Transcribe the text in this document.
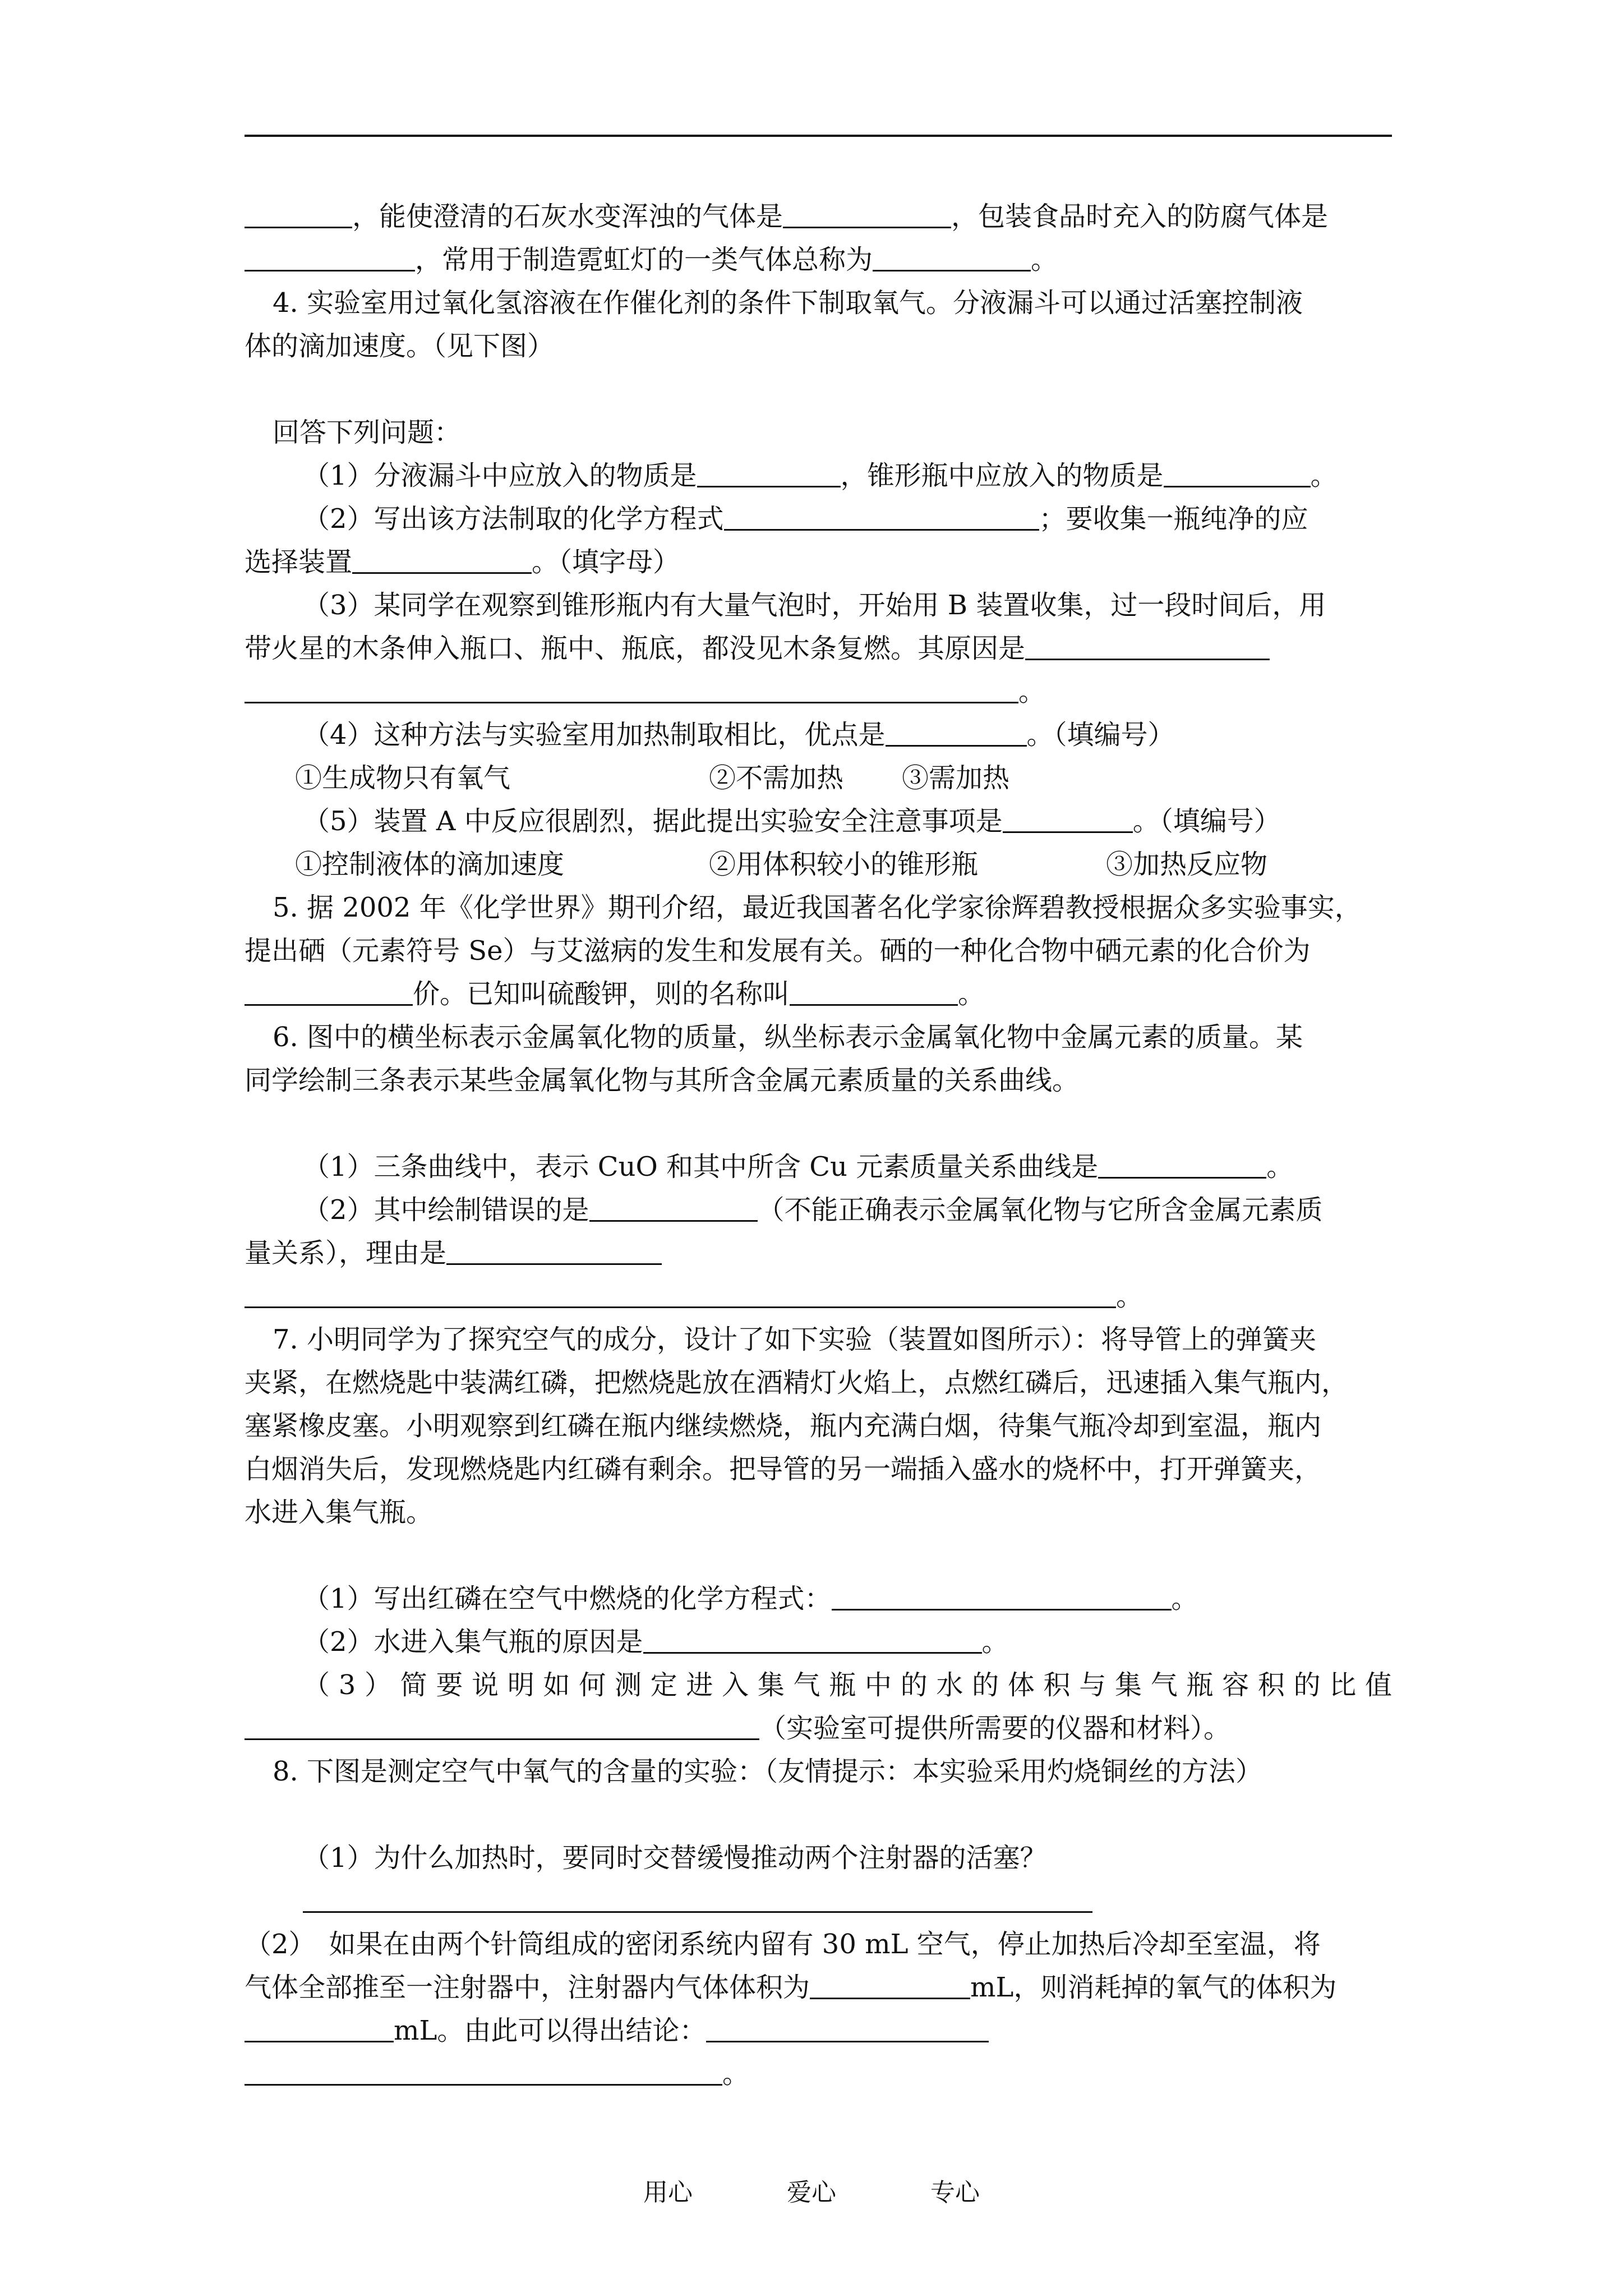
，能使澄清的石灰水变浑浊的气体是	，包装食品时充入的防腐气体是
，常用于制造霓虹灯的一类气体总称为	。
4. 实验室用过氧化氢溶液在作催化剂的条件下制取氧气。分液漏斗可以通过活塞控制液
体的滴加速度。（见下图）
回答下列问题：
（1）分液漏斗中应放入的物质是	，锥形瓶中应放入的物质是	。
（2）写出该方法制取的化学方程式	；要收集一瓶纯净的应
选择装置	。（填字母）
（3）某同学在观察到锥形瓶内有大量气泡时，开始用 B 装置收集，过一段时间后，用
带火星的木条伸入瓶口、瓶中、瓶底，都没见木条复燃。其原因是
。
（4）这种方法与实验室用加热制取相比，优点是	。（填编号）
①生成物只有氧气	②不需加热	③需加热
（5）装置 A 中反应很剧烈，据此提出实验安全注意事项是	。（填编号）
①控制液体的滴加速度	②用体积较小的锥形瓶	③加热反应物
5. 据 2002 年《化学世界》期刊介绍，最近我国著名化学家徐辉碧教授根据众多实验事实，
提出硒（元素符号 Se）与艾滋病的发生和发展有关。硒的一种化合物中硒元素的化合价为
价。已知叫硫酸钾，则的名称叫	。
6. 图中的横坐标表示金属氧化物的质量，纵坐标表示金属氧化物中金属元素的质量。某
同学绘制三条表示某些金属氧化物与其所含金属元素质量的关系曲线。
（1）三条曲线中，表示 CuO 和其中所含 Cu 元素质量关系曲线是	。
（2）其中绘制错误的是	（不能正确表示金属氧化物与它所含金属元素质
量关系），理由是
。
7. 小明同学为了探究空气的成分，设计了如下实验（装置如图所示）：将导管上的弹簧夹
夹紧，在燃烧匙中装满红磷，把燃烧匙放在酒精灯火焰上，点燃红磷后，迅速插入集气瓶内，
塞紧橡皮塞。小明观察到红磷在瓶内继续燃烧，瓶内充满白烟，待集气瓶冷却到室温，瓶内
白烟消失后，发现燃烧匙内红磷有剩余。把导管的另一端插入盛水的烧杯中，打开弹簧夹，
水进入集气瓶。
（1）写出红磷在空气中燃烧的化学方程式：	。
（2）水进入集气瓶的原因是	。
（3）简要说明如何测定进入集气瓶中的水的体积与集气瓶容积的比值
（实验室可提供所需要的仪器和材料）。
8. 下图是测定空气中氧气的含量的实验：（友情提示：本实验采用灼烧铜丝的方法）
（1）为什么加热时，要同时交替缓慢推动两个注射器的活塞？
（2）　如果在由两个针筒组成的密闭系统内留有 30 mL 空气，停止加热后冷却至室温，将
气体全部推至一注射器中，注射器内气体体积为	mL，则消耗掉的氧气的体积为
mL。由此可以得出结论：
。
用心	爱心	专心
